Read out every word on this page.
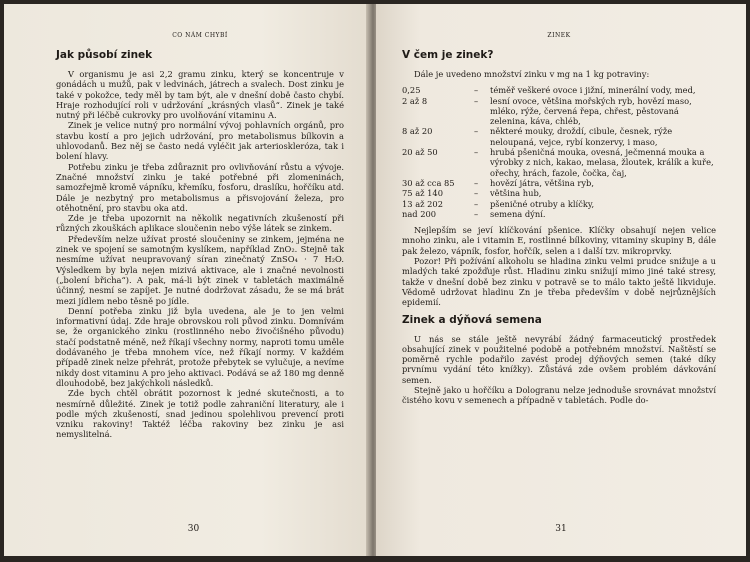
CO NÁM CHYBÍ
Jak působí zinek

V organismu je asi 2,2 gramu zinku, který se koncentruje v gonádách u mužů, pak v ledvinách, játrech a svalech. Dost zinku je také v pokožce, tedy měl by tam být, ale v dnešní době často chybí. Hraje rozhodující roli v udržování „krásných vlasů“. Zinek je také nutný při léčbě cukrovky pro uvolňování vitaminu A.

Zinek je velice nutný pro normální vývoj pohlavních orgánů, pro stavbu kostí a pro jejich udržování, pro metabolismus bílkovin a uhlovodanů. Bez něj se často nedá vyléčit jak arterioskleróza, tak i bolení hlavy.

Potřebu zinku je třeba zdůraznit pro ovlivňování růstu a vývoje. Značné množství zinku je také potřebné při zlomeninách, samozřejmě kromě vápníku, křemíku, fosforu, draslíku, hořčíku atd. Dále je nezbytný pro metabolismus a přisvojování železa, pro otěhotnění, pro stavbu oka atd.

Zde je třeba upozornit na několik negativních zkušeností při různých zkouškách aplikace sloučenin nebo výše látek se zinkem.

Především nelze užívat prosté sloučeniny se zinkem, jejména ne zinek ve spojení se samotným kyslíkem, například ZnO₂. Stejně tak nesmíme užívat neupravovaný síran zinečnatý ZnSO₄ · 7 H₂O. Výsledkem by byla nejen mizivá aktivace, ale i značné nevolnosti („bolení břicha“). A pak, má-li být zinek v tabletách maximálně účinný, nesmí se zapíjet. Je nutné dodržovat zásadu, že se má brát mezi jídlem nebo těsně po jídle.

Denní potřeba zinku již byla uvedena, ale je to jen velmi informativní údaj. Zde hraje obrovskou roli původ zinku. Domnívám se, že organického zinku (rostlinného nebo živočišného původu) stačí podstatně méně, než říkají všechny normy, naproti tomu uměle dodávaného je třeba mnohem více, než říkají normy. V každém případě zinek nelze přehrát, protože přebytek se vylučuje, a nevíme nikdy dost vitaminu A pro jeho aktivaci. Podává se až 180 mg denně dlouhodobě, bez jakýchkoli následků.

Zde bych chtěl obrátit pozornost k jedné skutečnosti, a to nesmírně důležité. Zinek je totiž podle zahraniční literatury, ale i podle mých zkušeností, snad jedinou spolehlivou prevencí proti vzniku rakoviny! Taktéž léčba rakoviny bez zinku je asi nemyslitelná.

30
ZINEK
V čem je zinek?

Dále je uvedeno množství zinku v mg na 1 kg potraviny:

0,25	–	téměř veškeré ovoce i jižní, minerální vody, med,
2 až 8	–	lesní ovoce, většina mořských ryb, hovězí maso, mléko, rýže, červená řepa, chřest, pěstovaná zelenina, káva, chléb,
8 až 20	–	některé mouky, droždí, cibule, česnek, rýže neloupaná, vejce, rybí konzervy, i maso,
20 až 50	–	hrubá pšeničná mouka, ovesná, ječmenná mouka a výrobky z nich, kakao, melasa, žloutek, králík a kuře, ořechy, hrách, fazole, čočka, čaj,
30 až cca 85	–	hovězí játra, většina ryb,
75 až 140	–	většina hub,
13 až 202	–	pšeničné otruby a klíčky,
nad 200	–	semena dýní.

Nejlepším se jeví klíčkování pšenice. Klíčky obsahují nejen velice mnoho zinku, ale i vitamin E, rostlinné bílkoviny, vitaminy skupiny B, dále pak železo, vápník, fosfor, hořčík, selen a i další tzv. mikroprvky.

Pozor! Při požívání alkoholu se hladina zinku velmi prudce snižuje a u mladých také zpožďuje růst. Hladinu zinku snižují mimo jiné také stresy, takže v dnešní době bez zinku v potravě se to málo takto ještě likviduje. Vědomě udržovat hladinu Zn je třeba především v době nejrůznějších epidemií.

Zinek a dýňová semena

U nás se stále ještě nevyrábí žádný farmaceutický prostředek obsahující zinek v použitelné podobě a potřebném množství. Naštěstí se poměrně rychle podařilo zavést prodej dýňových semen (také díky prvnímu vydání této knížky). Zůstává zde ovšem problém dávkování semen.

Stejně jako u hořčíku a Dologranu nelze jednoduše srovnávat množství čistého kovu v semenech a případně v tabletách. Podle do-

31
